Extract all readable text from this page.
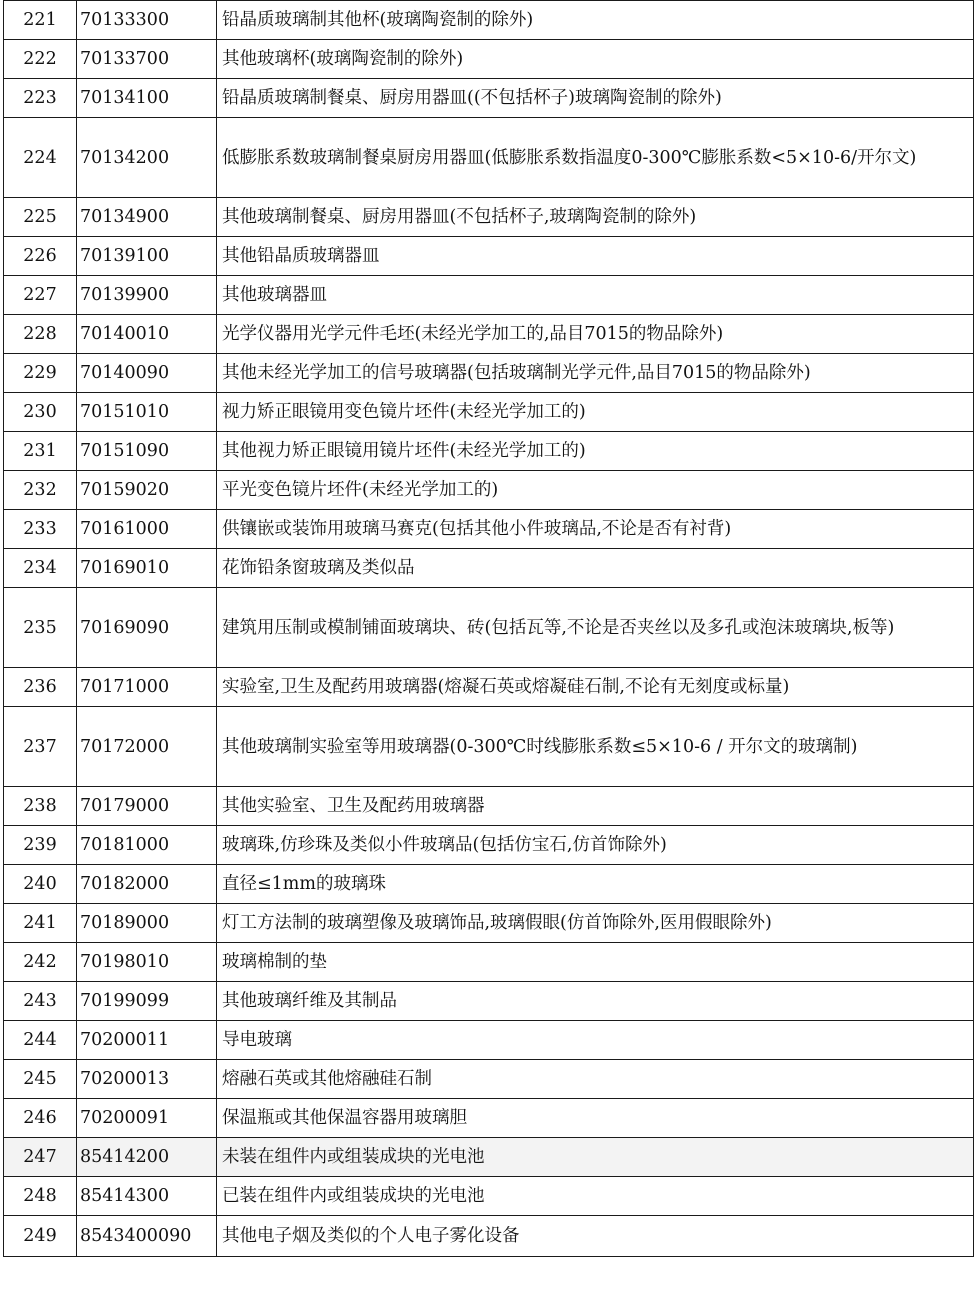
221	70133300	铅晶质玻璃制其他杯(玻璃陶瓷制的除外)
222	70133700	其他玻璃杯(玻璃陶瓷制的除外)
223	70134100	铅晶质玻璃制餐桌、厨房用器皿((不包括杯子)玻璃陶瓷制的除外)
224	70134200	低膨胀系数玻璃制餐桌厨房用器皿(低膨胀系数指温度0-300℃膨胀系数<5×10-6/开尔文)
225	70134900	其他玻璃制餐桌、厨房用器皿(不包括杯子,玻璃陶瓷制的除外)
226	70139100	其他铅晶质玻璃器皿
227	70139900	其他玻璃器皿
228	70140010	光学仪器用光学元件毛坯(未经光学加工的,品目7015的物品除外)
229	70140090	其他未经光学加工的信号玻璃器(包括玻璃制光学元件,品目7015的物品除外)
230	70151010	视力矫正眼镜用变色镜片坯件(未经光学加工的)
231	70151090	其他视力矫正眼镜用镜片坯件(未经光学加工的)
232	70159020	平光变色镜片坯件(未经光学加工的)
233	70161000	供镶嵌或装饰用玻璃马赛克(包括其他小件玻璃品,不论是否有衬背)
234	70169010	花饰铅条窗玻璃及类似品
235	70169090	建筑用压制或模制铺面玻璃块、砖(包括瓦等,不论是否夹丝以及多孔或泡沫玻璃块,板等)
236	70171000	实验室,卫生及配药用玻璃器(熔凝石英或熔凝硅石制,不论有无刻度或标量)
237	70172000	其他玻璃制实验室等用玻璃器(0-300℃时线膨胀系数≤5×10-6 / 开尔文的玻璃制)
238	70179000	其他实验室、卫生及配药用玻璃器
239	70181000	玻璃珠,仿珍珠及类似小件玻璃品(包括仿宝石,仿首饰除外)
240	70182000	直径≤1mm的玻璃珠
241	70189000	灯工方法制的玻璃塑像及玻璃饰品,玻璃假眼(仿首饰除外,医用假眼除外)
242	70198010	玻璃棉制的垫
243	70199099	其他玻璃纤维及其制品
244	70200011	导电玻璃
245	70200013	熔融石英或其他熔融硅石制
246	70200091	保温瓶或其他保温容器用玻璃胆
247	85414200	未装在组件内或组装成块的光电池
248	85414300	已装在组件内或组装成块的光电池
249	8543400090	其他电子烟及类似的个人电子雾化设备
